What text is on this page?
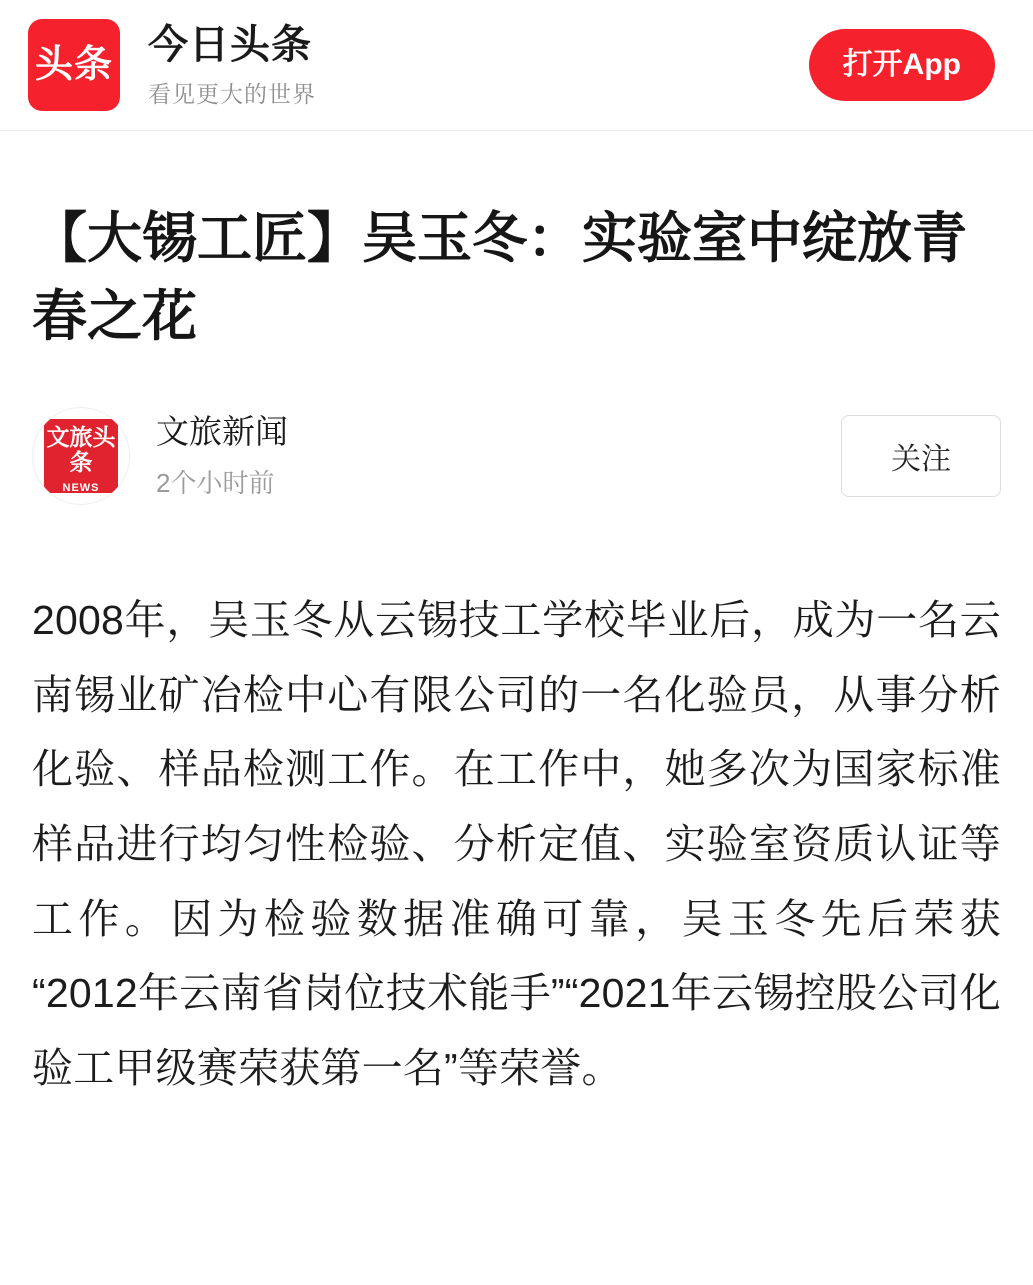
头条 今日头条
看见更大的世界
打开App
【大锡工匠】吴玉冬：实验室中绽放青春之花
文旅头条
NEWS
文旅新闻
2个小时前
关注

2008年，吴玉冬从云锡技工学校毕业后，成为一名云南锡业矿冶检中心有限公司的一名化验员，从事分析化验、样品检测工作。在工作中，她多次为国家标准样品进行均匀性检验、分析定值、实验室资质认证等工作。因为检验数据准确可靠，吴玉冬先后荣获“2012年云南省岗位技术能手”“2021年云锡控股公司化验工甲级赛荣获第一名”等荣誉。
